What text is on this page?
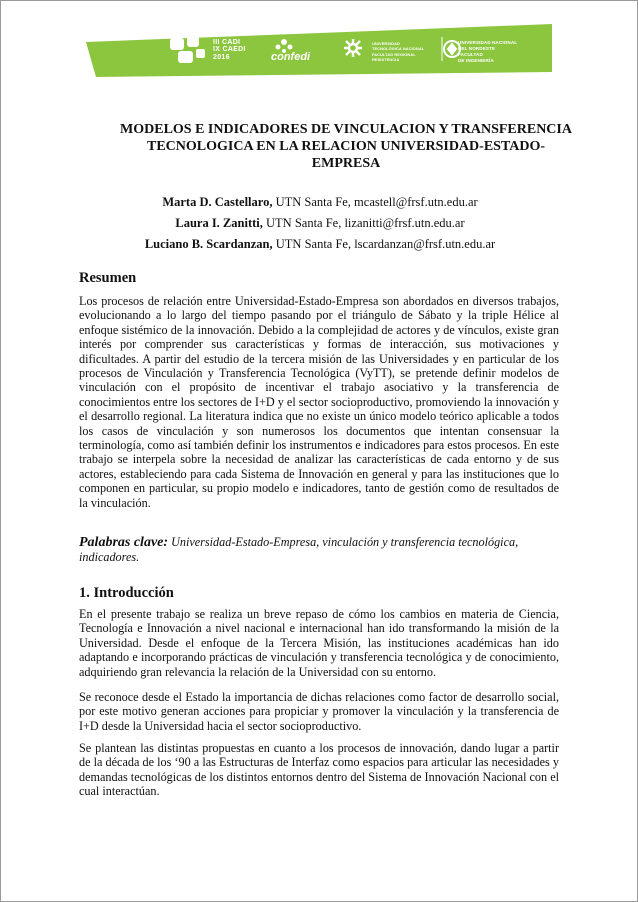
III CADI
IX CAEDI
2016	confedi
UNIVERSIDAD
TECNOLÓGICA NACIONAL
FACULTAD REGIONAL
RESISTENCIA
UNIVERSIDAD NACIONAL
DEL NORDESTE
FACULTAD
DE INGENIERÍA
MODELOS E INDICADORES DE VINCULACION Y TRANSFERENCIA
TECNOLOGICA EN LA RELACION UNIVERSIDAD-ESTADO-
EMPRESA
Marta D. Castellaro, UTN Santa Fe, mcastell@frsf.utn.edu.ar
Laura I. Zanitti, UTN Santa Fe, lizanitti@frsf.utn.edu.ar
Luciano B. Scardanzan, UTN Santa Fe, lscardanzan@frsf.utn.edu.ar
Resumen

Los procesos de relación entre Universidad-Estado-Empresa son abordados en diversos trabajos, evolucionando a lo largo del tiempo pasando por el triángulo de Sábato y la triple Hélice al enfoque sistémico de la innovación. Debido a la complejidad de actores y de vínculos, existe gran interés por comprender sus características y formas de interacción, sus motivaciones y dificultades. A partir del estudio de la tercera misión de las Universidades y en particular de los procesos de Vinculación y Transferencia Tecnológica (VyTT), se pretende definir modelos de vinculación con el propósito de incentivar el trabajo asociativo y la transferencia de conocimientos entre los sectores de I+D y el sector socioproductivo, promoviendo la innovación y el desarrollo regional. La literatura indica que no existe un único modelo teórico aplicable a todos los casos de vinculación y son numerosos los documentos que intentan consensuar la terminología, como así también definir los instrumentos e indicadores para estos procesos. En este trabajo se interpela sobre la necesidad de analizar las características de cada entorno y de sus actores, estableciendo para cada Sistema de Innovación en general y para las instituciones que lo componen en particular, su propio modelo e indicadores, tanto de gestión como de resultados de la vinculación.

Palabras clave: Universidad-Estado-Empresa, vinculación y transferencia tecnológica, indicadores.

1. Introducción

En el presente trabajo se realiza un breve repaso de cómo los cambios en materia de Ciencia, Tecnología e Innovación a nivel nacional e internacional han ido transformando la misión de la Universidad. Desde el enfoque de la Tercera Misión, las instituciones académicas han ido adaptando e incorporando prácticas de vinculación y transferencia tecnológica y de conocimiento, adquiriendo gran relevancia la relación de la Universidad con su entorno.

Se reconoce desde el Estado la importancia de dichas relaciones como factor de desarrollo social, por este motivo generan acciones para propiciar y promover la vinculación y la transferencia de I+D desde la Universidad hacia el sector socioproductivo.

Se plantean las distintas propuestas en cuanto a los procesos de innovación, dando lugar a partir de la década de los ‘90 a las Estructuras de Interfaz como espacios para articular las necesidades y demandas tecnológicas de los distintos entornos dentro del Sistema de Innovación Nacional con el cual interactúan.
